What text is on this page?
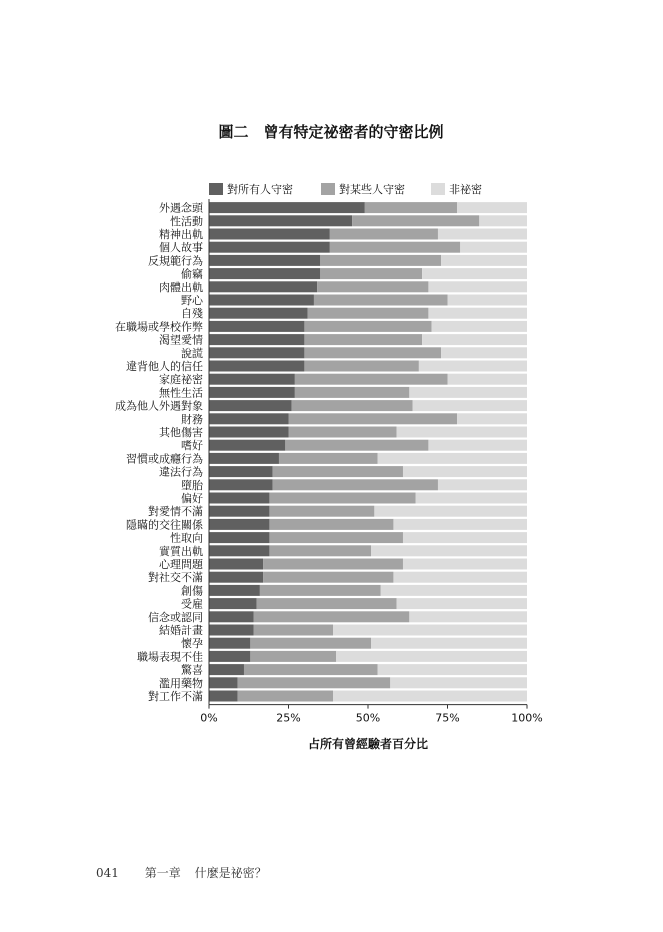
圖二　曾有特定祕密者的守密比例
對所有人守密	對某些人守密	非祕密
外遇念頭
性活動
精神出軌
個人故事
反規範行為
偷竊
肉體出軌
野心
自殘
在職場或學校作弊
渴望愛情
說謊
違背他人的信任
家庭祕密
無性生活
成為他人外遇對象
財務
其他傷害
嗜好
習慣或成癮行為
違法行為
墮胎
偏好
對愛情不滿
隱瞞的交往關係
性取向
實質出軌
心理問題
對社交不滿
創傷
受雇
信念或認同
結婚計畫
懷孕
職場表現不佳
驚喜
濫用藥物
對工作不滿
0%	25%	50%	75%	100%
占所有曾經驗者百分比
041 第一章 什麼是祕密？
